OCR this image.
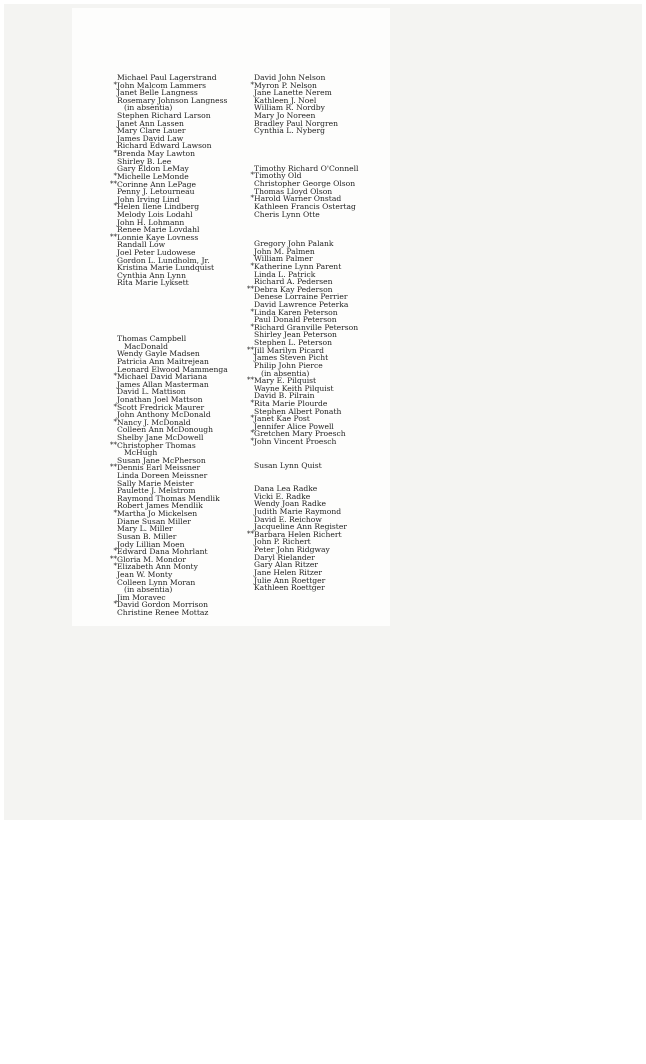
Michael Paul Lagerstrand
* John Malcom Lammers
Janet Belle Langness
Rosemary Johnson Langness
(in absentia)
Stephen Richard Larson
Janet Ann Lassen
Mary Clare Lauer
James David Law
Richard Edward Lawson
* Brenda May Lawton
Shirley B. Lee
Gary Eldon LeMay
* Michelle LeMonde
** Corinne Ann LePage
Penny J. Letourneau
John Irving Lind
* Helen Ilene Lindberg
Melody Lois Lodahl
John H. Lohmann
Renee Marie Lovdahl
** Lonnie Kaye Lovness
Randall Low
Joel Peter Ludowese
Gordon L. Lundholm, Jr.
Kristina Marie Lundquist
Cynthia Ann Lynn
Rita Marie Lyksett
Thomas Campbell
MacDonald
Wendy Gayle Madsen
Patricia Ann Maitrejean
Leonard Elwood Mammenga
* Michael David Mariana
James Allan Masterman
David L. Mattison
Jonathan Joel Mattson
* Scott Fredrick Maurer
John Anthony McDonald
* Nancy J. McDonald
Colleen Ann McDonough
Shelby Jane McDowell
** Christopher Thomas
McHugh
Susan Jane McPherson
** Dennis Earl Meissner
Linda Doreen Meissner
Sally Marie Meister
Paulette J. Melstrom
Raymond Thomas Mendlik
Robert James Mendlik
* Martha Jo Mickelsen
Diane Susan Miller
Mary L. Miller
Susan B. Miller
Jody Lillian Moen
* Edward Dana Mohrlant
** Gloria M. Mondor
* Elizabeth Ann Monty
Jean W. Monty
Colleen Lynn Moran
(in absentia)
Jim Moravec
* David Gordon Morrison
Christine Renee Mottaz
David John Nelson
* Myron P. Nelson
Jane Lanette Nerem
Kathleen J. Noel
William R. Nordby
Mary Jo Noreen
Bradley Paul Norgren
Cynthia L. Nyberg
Timothy Richard O'Connell
* Timothy Old
Christopher George Olson
Thomas Lloyd Olson
* Harold Warner Onstad
Kathleen Francis Ostertag
Cheris Lynn Otte
Gregory John Palank
John M. Palmen
William Palmer
* Katherine Lynn Parent
Linda L. Patrick
Richard A. Pedersen
** Debra Kay Pederson
Denese Lorraine Perrier
David Lawrence Peterka
* Linda Karen Peterson
Paul Donald Peterson
* Richard Granville Peterson
Shirley Jean Peterson
Stephen L. Peterson
** Jill Marilyn Picard
James Steven Picht
Philip John Pierce
(in absentia)
** Mary E. Pilquist
Wayne Keith Pilquist
David B. Pilrain
* Rita Marie Plourde
Stephen Albert Ponath
* Janet Kae Post
Jennifer Alice Powell
* Gretchen Mary Proesch
* John Vincent Proesch
Susan Lynn Quist
Dana Lea Radke
Vicki E. Radke
Wendy Joan Radke
Judith Marie Raymond
David E. Reichow
Jacqueline Ann Register
** Barbara Helen Richert
John P. Richert
Peter John Ridgway
Daryl Rielander
Gary Alan Ritzer
Jane Helen Ritzer
Julie Ann Roettger
Kathleen Roettger
